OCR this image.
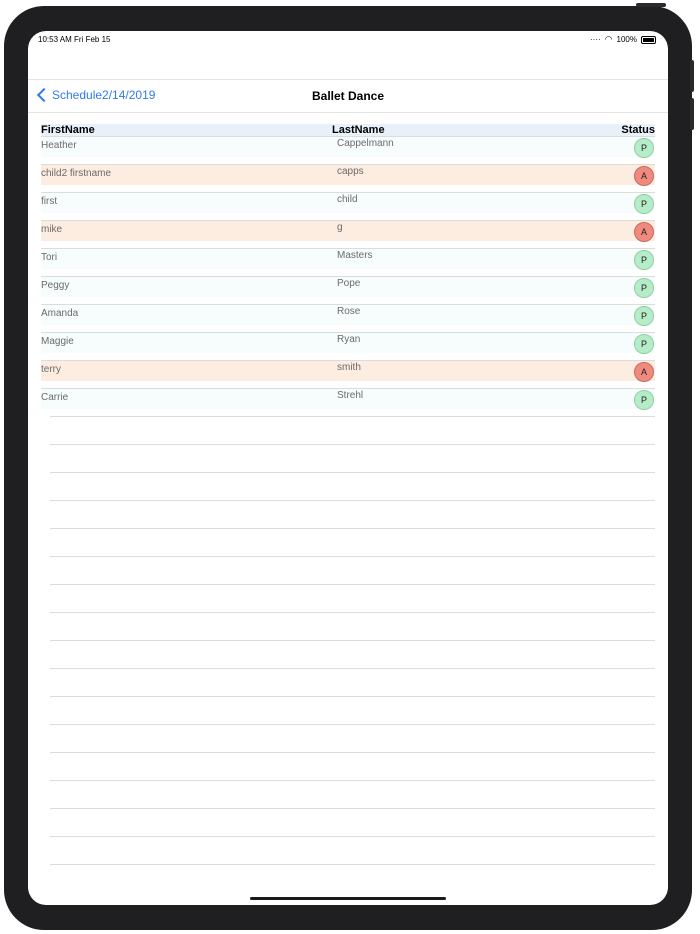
10:53 AM Fri Feb 15	···· ◠ 100%
Schedule2/14/2019	Ballet Dance
FirstName	LastName	Status
Heather	Cappelmann	P
child2 firstname	capps	A
first	child	P
mike	g	A
Tori	Masters	P
Peggy	Pope	P
Amanda	Rose	P
Maggie	Ryan	P
terry	smith	A
Carrie	Strehl	P
